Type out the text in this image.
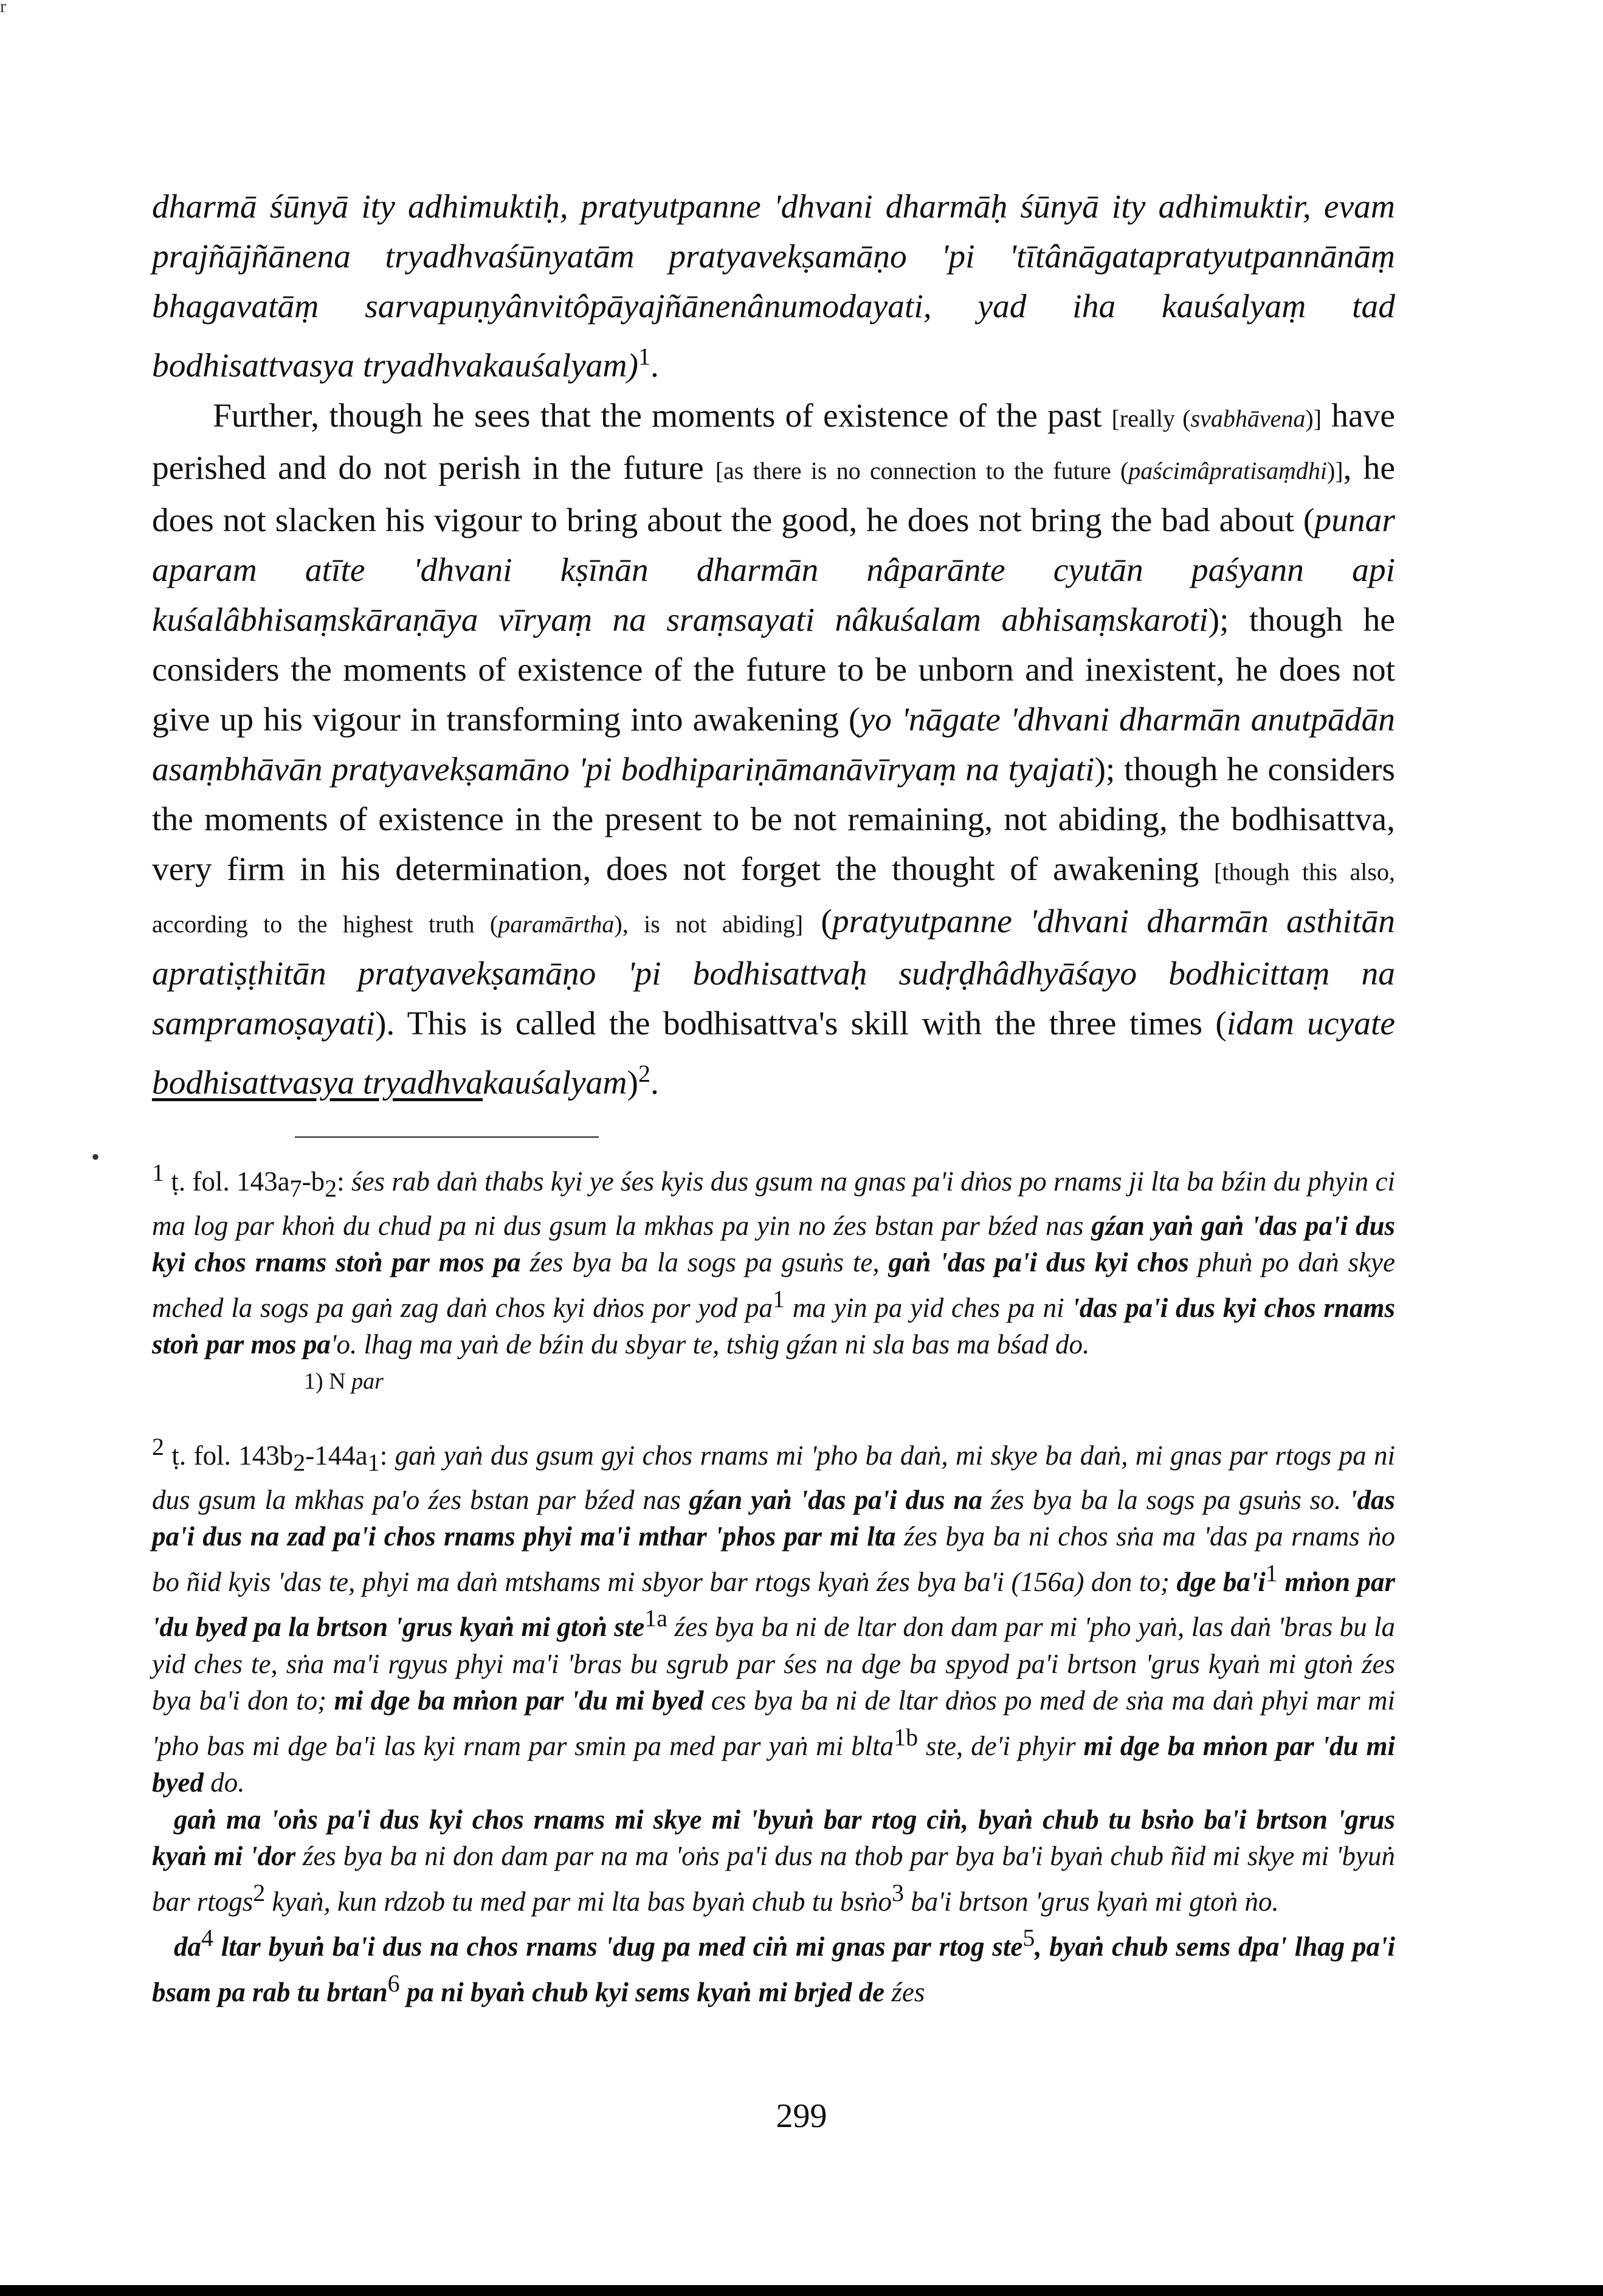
r

dharmā śūnyā ity adhimuktiḥ, pratyutpanne 'dhvani dharmāḥ śūnyā ity adhimuktir, evam prajñājñānena tryadhvaśūnyatām pratyavekṣamāṇo 'pi 'tītânāgatapratyutpannānāṃ bhagavatāṃ sarvapuṇyânvitôpāyajñānenânumodayati, yad iha kauśalyaṃ tad bodhisattvasya tryadhvakauśalyam)$^1$.

Further, though he sees that the moments of existence of the past [really (svabhāvena)] have perished and do not perish in the future [as there is no connection to the future (paścimâpratisaṃdhi)], he does not slacken his vigour to bring about the good, he does not bring the bad about (punar aparam atīte 'dhvani kṣīnān dharmān nâparānte cyutān paśyann api kuśalâbhisaṃskāraṇāya vīryaṃ na sraṃsayati nâkuśalam abhisaṃskaroti); though he considers the moments of existence of the future to be unborn and inexistent, he does not give up his vigour in transforming into awakening (yo 'nāgate 'dhvani dharmān anutpādān asaṃbhāvān pratyavekṣamāno 'pi bodhipariṇāmanāvīryaṃ na tyajati); though he considers the moments of existence in the present to be not remaining, not abiding, the bodhisattva, very firm in his determination, does not forget the thought of awakening [though this also, according to the highest truth (paramārtha), is not abiding] (pratyutpanne 'dhvani dharmān asthitān apratiṣṭhitān pratyavekṣamāṇo 'pi bodhisattvaḥ sudṛḍhâdhyāśayo bodhicittaṃ na sampramoṣayati). This is called the bodhisattva's skill with the three times (idam ucyate bodhisattvasya tryadhvakauśalyam)$^2$.

•

$^1$ ṭ. fol. $143a_7-b_2$: śes rab daṅ thabs kyi ye śes kyis dus gsum na gnas pa'i dṅos po rnams ji lta ba bźin du phyin ci ma log par khoṅ du chud pa ni dus gsum la mkhas pa yin no źes bstan par bźed nas gźan yaṅ gaṅ 'das pa'i dus kyi chos rnams stoṅ par mos pa źes bya ba la sogs pa gsuṅs te, gaṅ 'das pa'i dus kyi chos phuṅ po daṅ skye mched la sogs pa gaṅ zag daṅ chos kyi dṅos por yod $pa^1$ ma yin pa yid ches pa ni 'das pa'i dus kyi chos rnams stoṅ par mos pa'o. lhag ma yaṅ de bźin du sbyar te, tshig gźan ni sla bas ma bśad do.

1) N par

$^2$ ṭ. fol. $143b_2-144a_1$: gaṅ yaṅ dus gsum gyi chos rnams mi 'pho ba daṅ, mi skye ba daṅ, mi gnas par rtogs pa ni dus gsum la mkhas pa'o źes bstan par bźed nas gźan yaṅ 'das pa'i dus na źes bya ba la sogs pa gsuṅs so. 'das pa'i dus na zad pa'i chos rnams phyi ma'i mthar 'phos par mi lta źes bya ba ni chos sṅa ma 'das pa rnams ṅo bo ñid kyis 'das te, phyi ma daṅ mtshams mi sbyor bar rtogs kyaṅ źes bya ba'i (156a) don to; dge $ba'i^1$ mṅon par 'du byed pa la brtson 'grus kyaṅ mi gtoṅ ste$^{1a}$ źes bya ba ni de ltar don dam par mi 'pho yaṅ, las daṅ 'bras bu la yid ches te, sṅa ma'i rgyus phyi ma'i 'bras bu sgrub par śes na dge ba spyod pa'i brtson 'grus kyaṅ mi gtoṅ źes bya ba'i don to; mi dge ba mṅon par 'du mi byed ces bya ba ni de ltar dṅos po med de sṅa ma daṅ phyi mar mi 'pho bas mi dge ba'i las kyi rnam par smin pa med par yaṅ mi blta$^{1b}$ ste, de'i phyir mi dge ba mṅon par 'du mi byed do.

gaṅ ma 'oṅs pa'i dus kyi chos rnams mi skye mi 'byuṅ bar rtog ciṅ, byaṅ chub tu bsṅo ba'i brtson 'grus kyaṅ mi 'dor źes bya ba ni don dam par na ma 'oṅs pa'i dus na thob par bya ba'i byaṅ chub ñid mi skye mi 'byuṅ bar rtogs$^2$ kyaṅ, kun rdzob tu med par mi lta bas byaṅ chub tu bsṅo$^3$ ba'i brtson 'grus kyaṅ mi gtoṅ ṅo.

$da^4$ ltar byuṅ ba'i dus na chos rnams 'dug pa med ciṅ mi gnas par rtog ste$^5$, byaṅ chub sems dpa' lhag pa'i bsam pa rab tu brtan$^6$ pa ni byaṅ chub kyi sems kyaṅ mi brjed de źes

299
